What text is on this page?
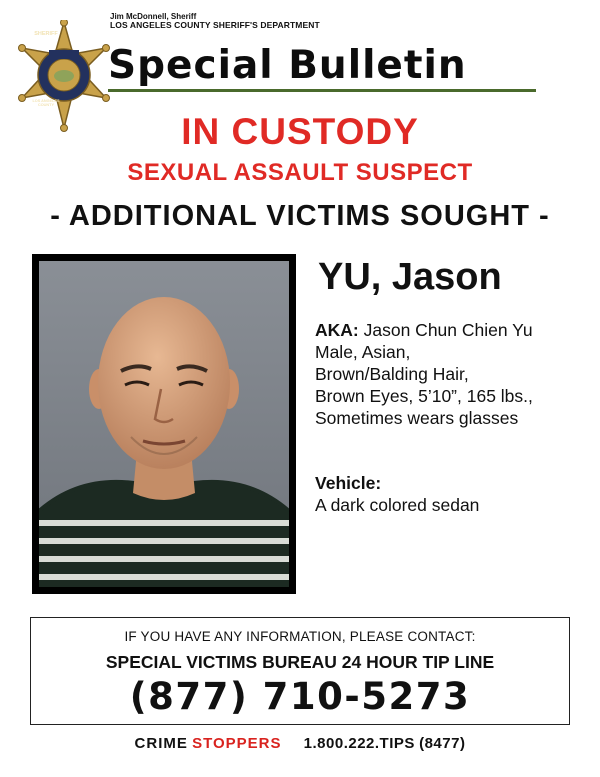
SHERIFF
LOS ANGELES COUNTY
Jim McDonnell, Sheriff
LOS ANGELES COUNTY SHERIFF'S DEPARTMENT
Special Bulletin
IN CUSTODY
SEXUAL ASSAULT SUSPECT
- ADDITIONAL VICTIMS SOUGHT -
YU, Jason
AKA: Jason Chun Chien Yu
Male, Asian,
Brown/Balding Hair,
Brown Eyes, 5’10”, 165 lbs.,
Sometimes wears glasses
Vehicle:
A dark colored sedan
IF YOU HAVE ANY INFORMATION, PLEASE CONTACT:
SPECIAL VICTIMS BUREAU 24 HOUR TIP LINE
(877) 710-5273
CRIME STOPPERS 1.800.222.TIPS (8477)
